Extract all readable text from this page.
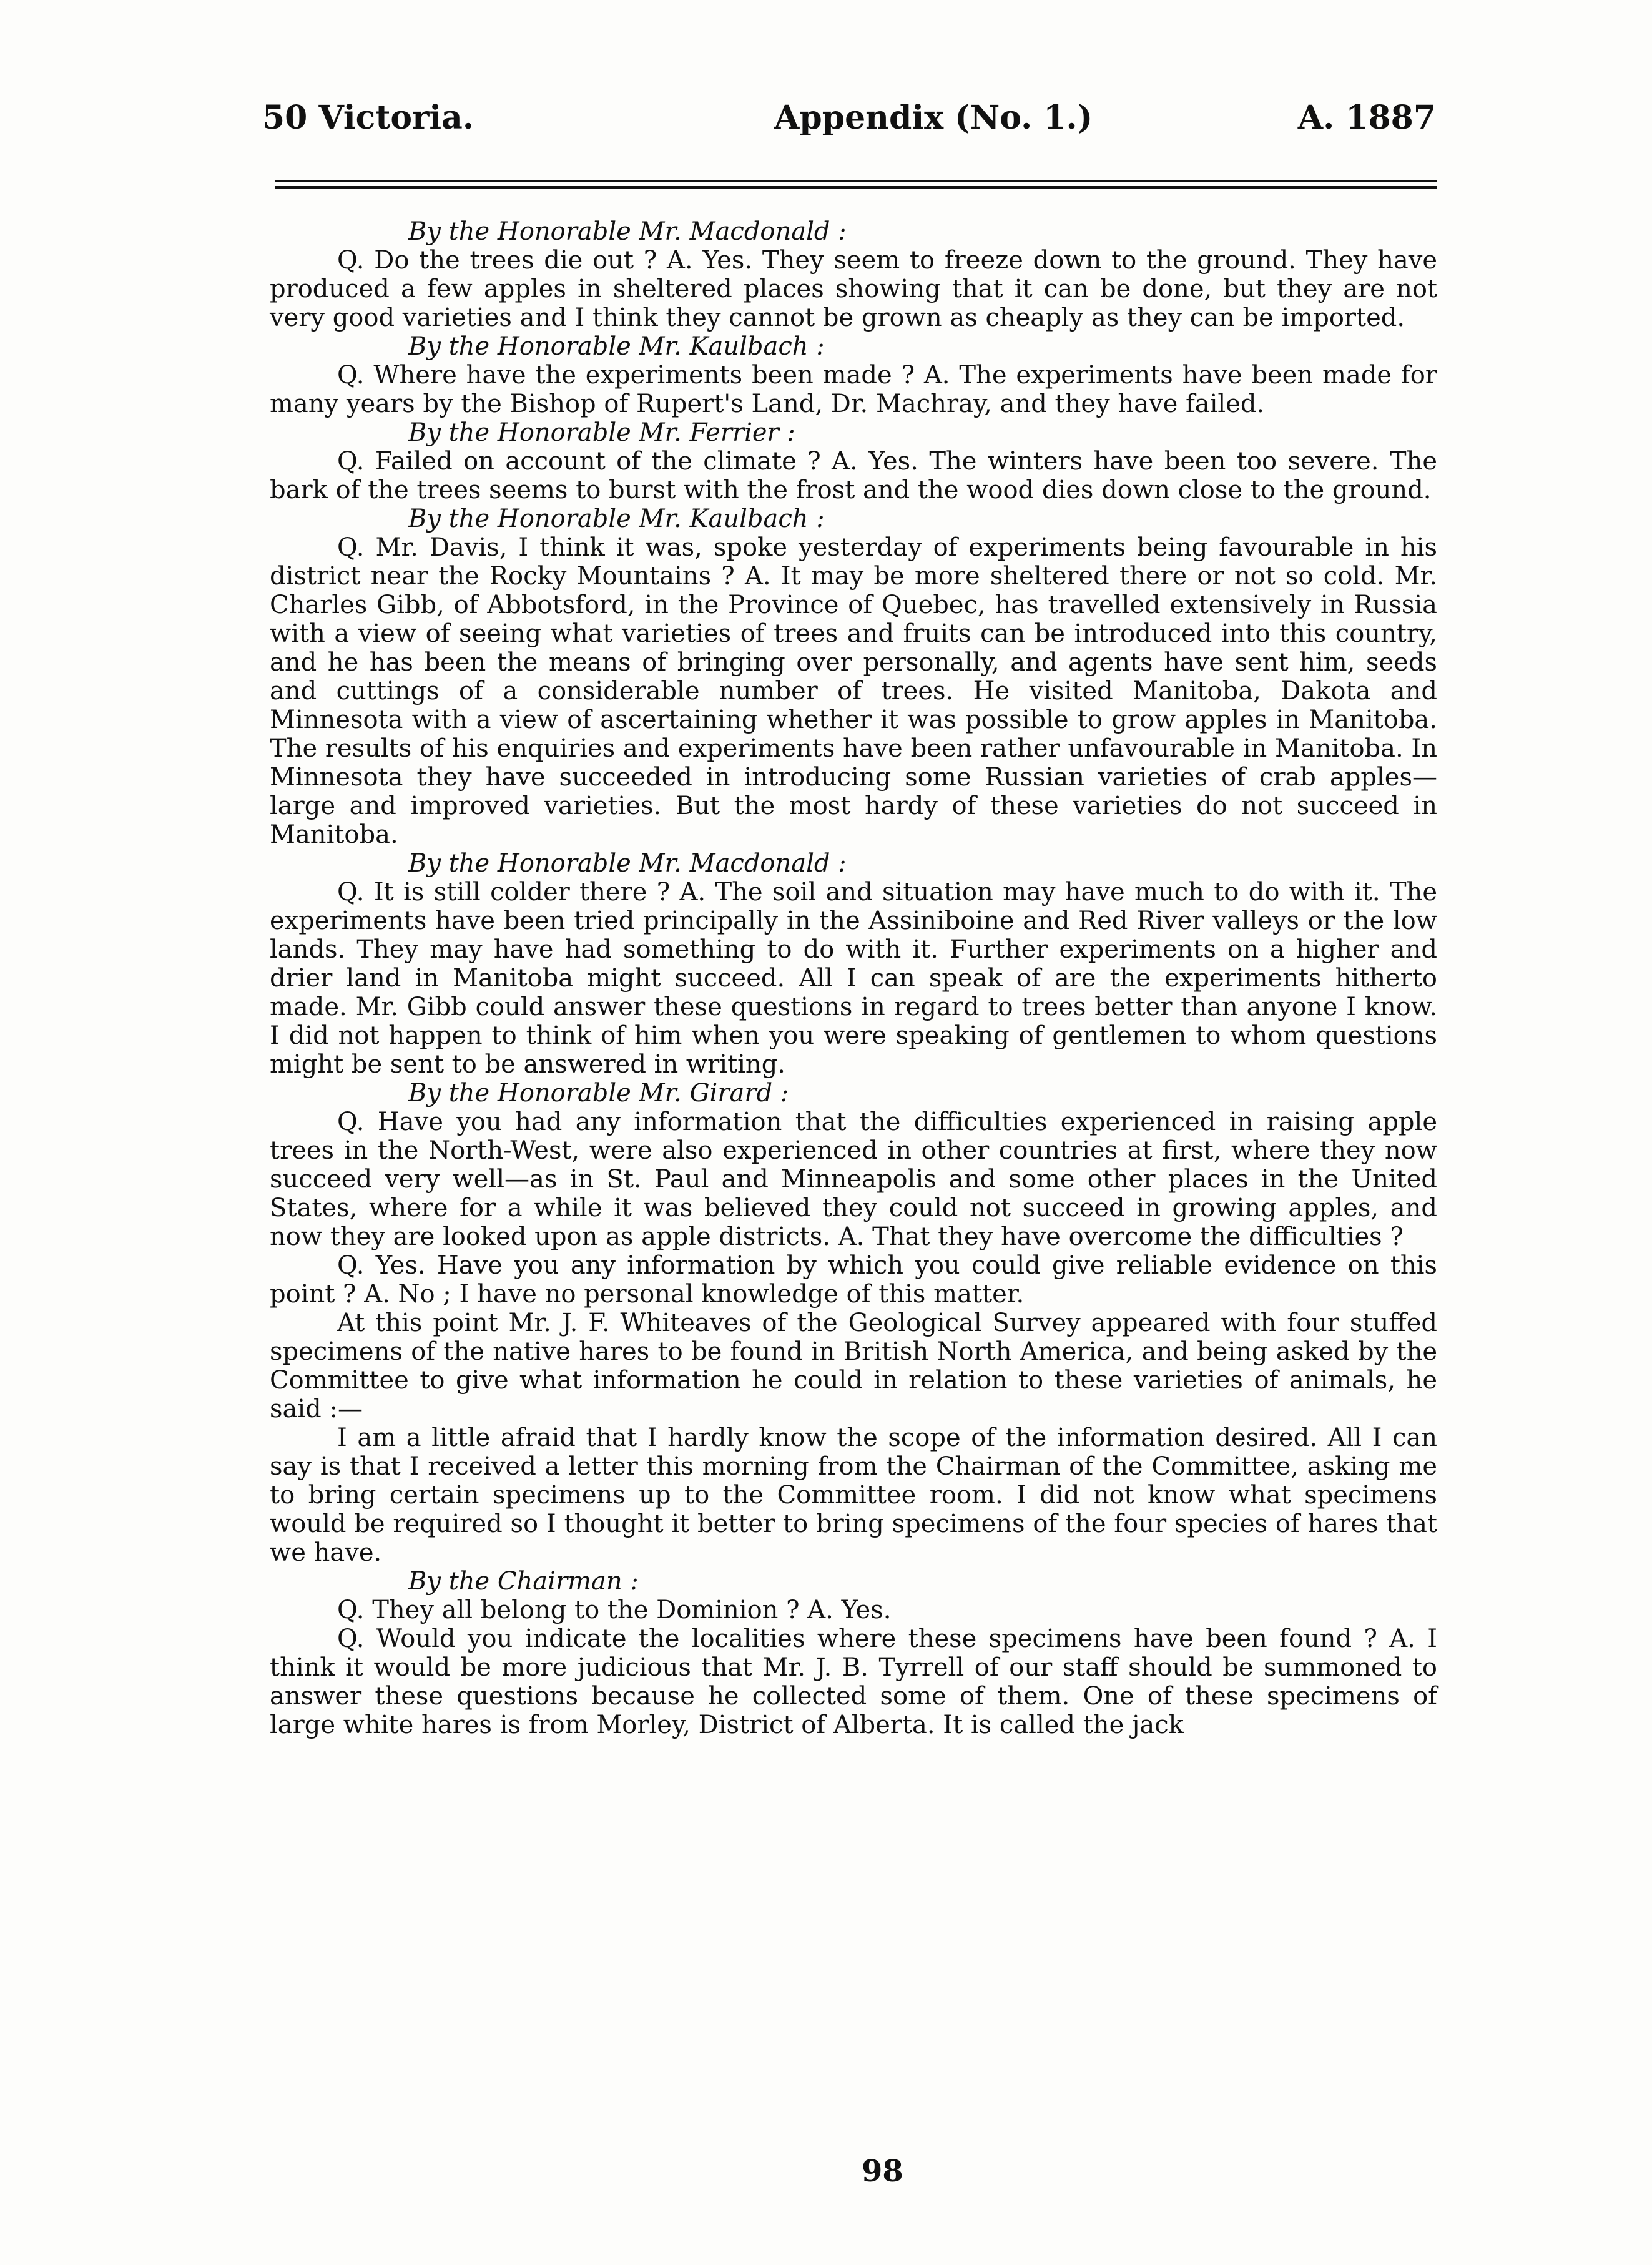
50 Victoria.	Appendix (No. 1.)	A. 1887

By the Honorable Mr. Macdonald :

Q. Do the trees die out ? A. Yes. They seem to freeze down to the ground. They have produced a few apples in sheltered places showing that it can be done, but they are not very good varieties and I think they cannot be grown as cheaply as they can be imported.

By the Honorable Mr. Kaulbach :

Q. Where have the experiments been made ? A. The experiments have been made for many years by the Bishop of Rupert's Land, Dr. Machray, and they have failed.

By the Honorable Mr. Ferrier :

Q. Failed on account of the climate ? A. Yes. The winters have been too severe. The bark of the trees seems to burst with the frost and the wood dies down close to the ground.

By the Honorable Mr. Kaulbach :

Q. Mr. Davis, I think it was, spoke yesterday of experiments being favourable in his district near the Rocky Mountains ? A. It may be more sheltered there or not so cold. Mr. Charles Gibb, of Abbotsford, in the Province of Quebec, has travelled extensively in Russia with a view of seeing what varieties of trees and fruits can be introduced into this country, and he has been the means of bringing over personally, and agents have sent him, seeds and cuttings of a considerable number of trees. He visited Manitoba, Dakota and Minnesota with a view of ascertaining whether it was possible to grow apples in Manitoba. The results of his enquiries and experiments have been rather unfavourable in Manitoba. In Minnesota they have succeeded in introducing some Russian varieties of crab apples—large and improved varieties. But the most hardy of these varieties do not succeed in Manitoba.

By the Honorable Mr. Macdonald :

Q. It is still colder there ? A. The soil and situation may have much to do with it. The experiments have been tried principally in the Assiniboine and Red River valleys or the low lands. They may have had something to do with it. Further experiments on a higher and drier land in Manitoba might succeed. All I can speak of are the experiments hitherto made. Mr. Gibb could answer these questions in regard to trees better than anyone I know. I did not happen to think of him when you were speaking of gentlemen to whom questions might be sent to be answered in writing.

By the Honorable Mr. Girard :

Q. Have you had any information that the difficulties experienced in raising apple trees in the North-West, were also experienced in other countries at first, where they now succeed very well—as in St. Paul and Minneapolis and some other places in the United States, where for a while it was believed they could not succeed in growing apples, and now they are looked upon as apple districts. A. That they have overcome the difficulties ?

Q. Yes. Have you any information by which you could give reliable evidence on this point ? A. No ; I have no personal knowledge of this matter.

At this point Mr. J. F. Whiteaves of the Geological Survey appeared with four stuffed specimens of the native hares to be found in British North America, and being asked by the Committee to give what information he could in relation to these varieties of animals, he said :—

I am a little afraid that I hardly know the scope of the information desired. All I can say is that I received a letter this morning from the Chairman of the Committee, asking me to bring certain specimens up to the Committee room. I did not know what specimens would be required so I thought it better to bring specimens of the four species of hares that we have.

By the Chairman :

Q. They all belong to the Dominion ? A. Yes.

Q. Would you indicate the localities where these specimens have been found ? A. I think it would be more judicious that Mr. J. B. Tyrrell of our staff should be summoned to answer these questions because he collected some of them. One of these specimens of large white hares is from Morley, District of Alberta. It is called the jack

98
